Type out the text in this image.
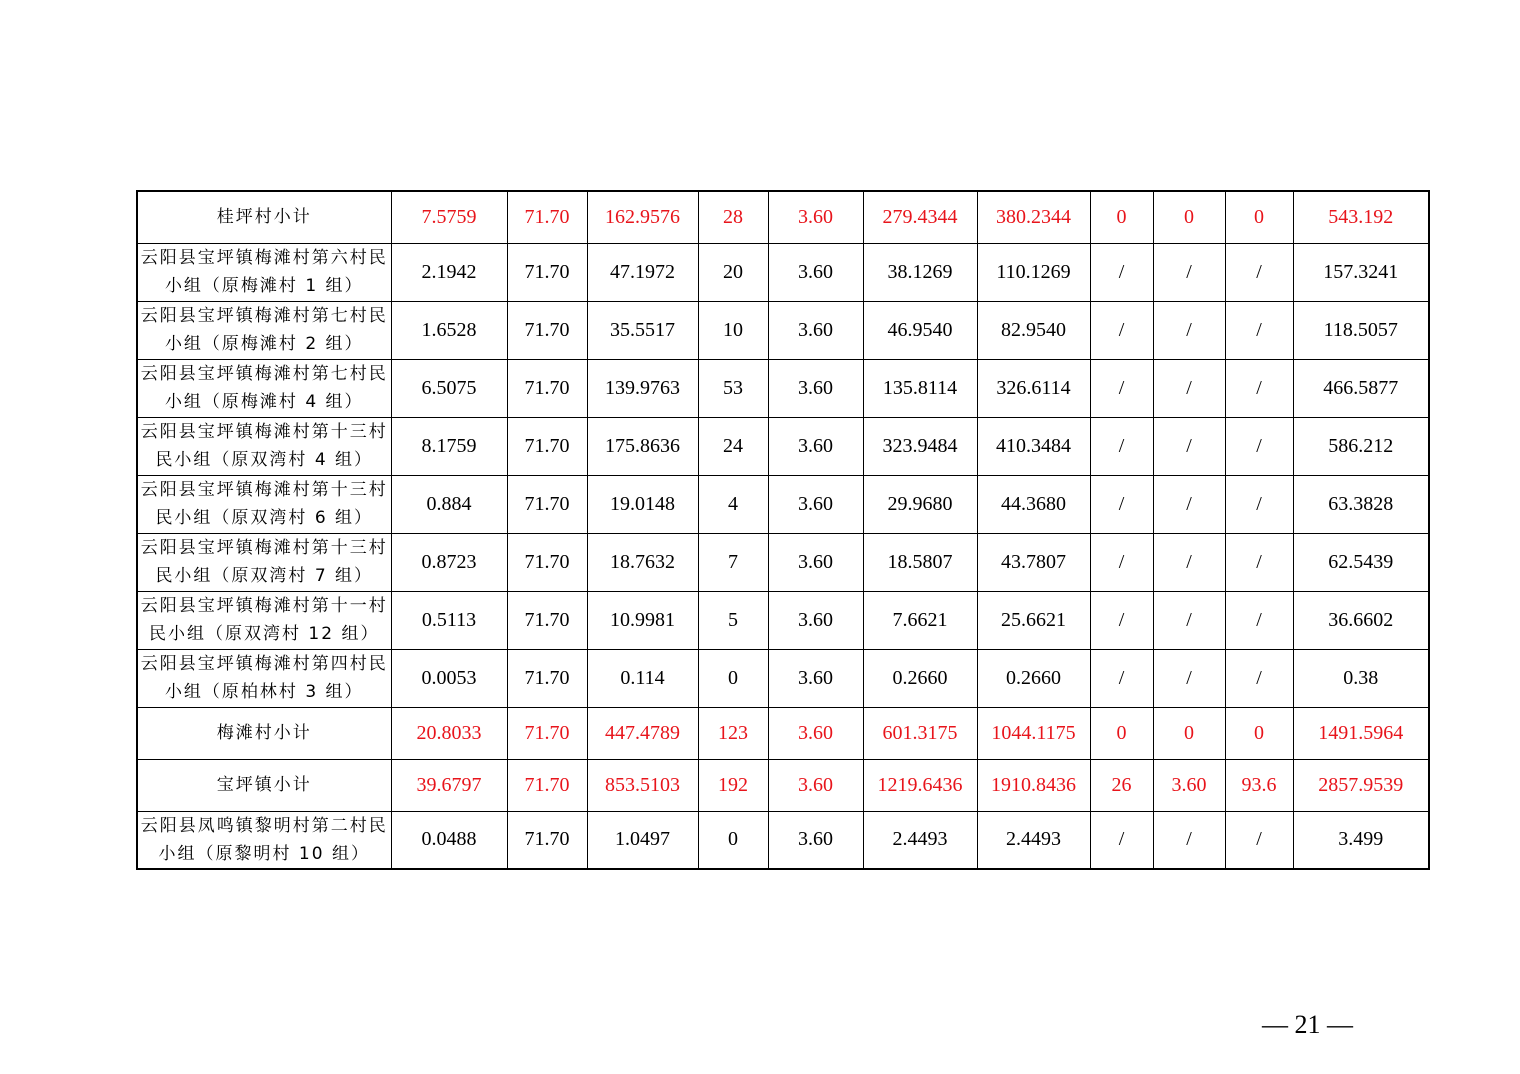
桂坪村小计	7.5759	71.70	162.9576	28	3.60	279.4344	380.2344	0	0	0	543.192
云阳县宝坪镇梅滩村第六村民小组（原梅滩村 1 组）	2.1942	71.70	47.1972	20	3.60	38.1269	110.1269	/	/	/	157.3241
云阳县宝坪镇梅滩村第七村民小组（原梅滩村 2 组）	1.6528	71.70	35.5517	10	3.60	46.9540	82.9540	/	/	/	118.5057
云阳县宝坪镇梅滩村第七村民小组（原梅滩村 4 组）	6.5075	71.70	139.9763	53	3.60	135.8114	326.6114	/	/	/	466.5877
云阳县宝坪镇梅滩村第十三村民小组（原双湾村 4 组）	8.1759	71.70	175.8636	24	3.60	323.9484	410.3484	/	/	/	586.212
云阳县宝坪镇梅滩村第十三村民小组（原双湾村 6 组）	0.884	71.70	19.0148	4	3.60	29.9680	44.3680	/	/	/	63.3828
云阳县宝坪镇梅滩村第十三村民小组（原双湾村 7 组）	0.8723	71.70	18.7632	7	3.60	18.5807	43.7807	/	/	/	62.5439
云阳县宝坪镇梅滩村第十一村民小组（原双湾村 12 组）	0.5113	71.70	10.9981	5	3.60	7.6621	25.6621	/	/	/	36.6602
云阳县宝坪镇梅滩村第四村民小组（原柏林村 3 组）	0.0053	71.70	0.114	0	3.60	0.2660	0.2660	/	/	/	0.38
梅滩村小计	20.8033	71.70	447.4789	123	3.60	601.3175	1044.1175	0	0	0	1491.5964
宝坪镇小计	39.6797	71.70	853.5103	192	3.60	1219.6436	1910.8436	26	3.60	93.6	2857.9539
云阳县凤鸣镇黎明村第二村民小组（原黎明村 10 组）	0.0488	71.70	1.0497	0	3.60	2.4493	2.4493	/	/	/	3.499
— 21 —
